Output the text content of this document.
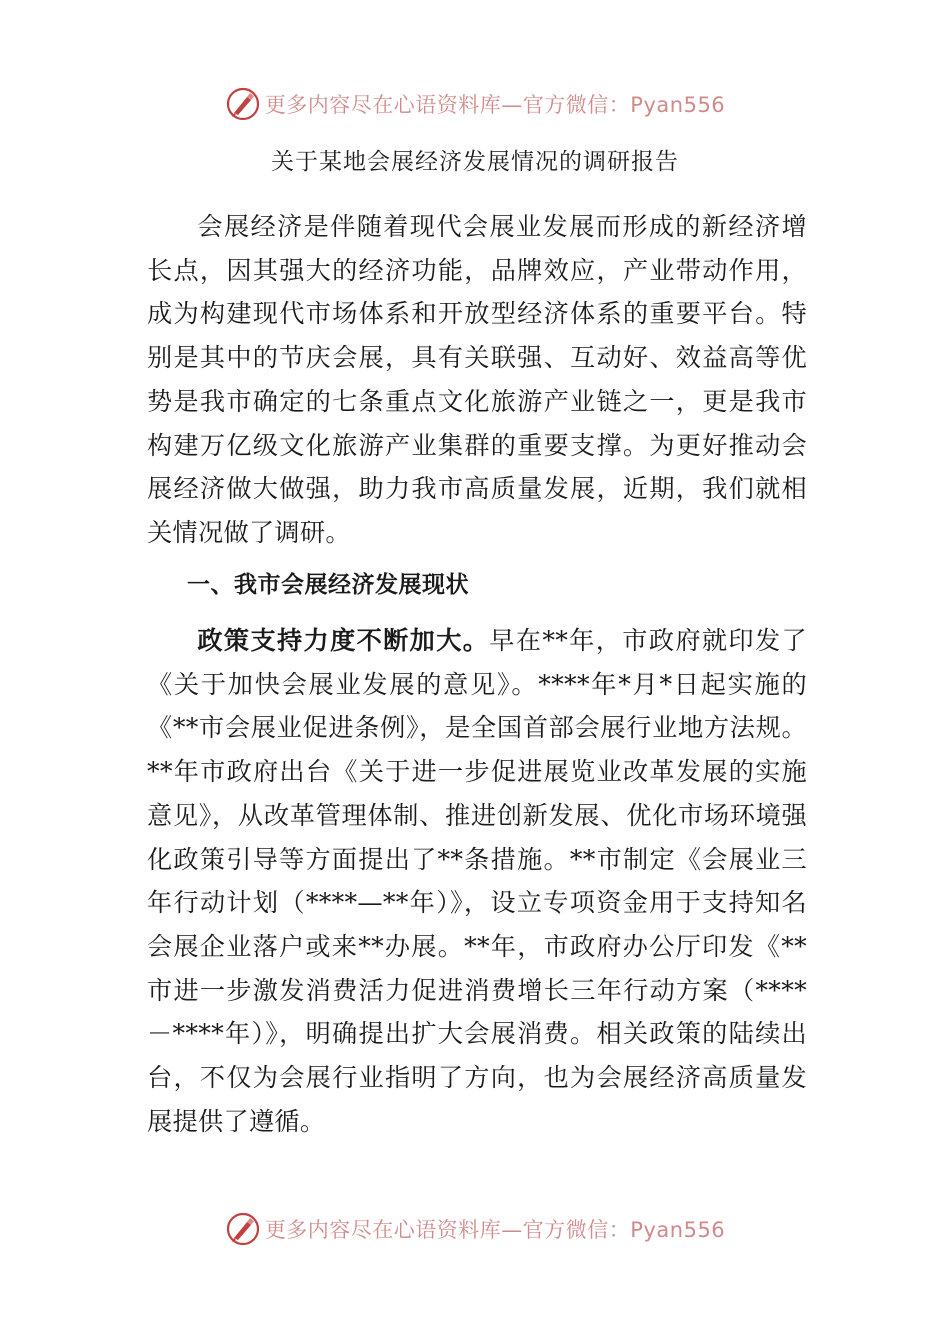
更多内容尽在心语资料库—官方微信：Pyan556
关于某地会展经济发展情况的调研报告
会展经济是伴随着现代会展业发展而形成的新经济增长点，因其强大的经济功能，品牌效应，产业带动作用，成为构建现代市场体系和开放型经济体系的重要平台。特别是其中的节庆会展，具有关联强、互动好、效益高等优势是我市确定的七条重点文化旅游产业链之一，更是我市构建万亿级文化旅游产业集群的重要支撑。为更好推动会展经济做大做强，助力我市高质量发展，近期，我们就相关情况做了调研。
一、我市会展经济发展现状
政策支持力度不断加大。早在**年，市政府就印发了《关于加快会展业发展的意见》。****年*月*日起实施的《**市会展业促进条例》，是全国首部会展行业地方法规。**年市政府出台《关于进一步促进展览业改革发展的实施意见》，从改革管理体制、推进创新发展、优化市场环境强化政策引导等方面提出了**条措施。**市制定《会展业三年行动计划（****—**年）》，设立专项资金用于支持知名会展企业落户或来**办展。**年，市政府办公厅印发《**市进一步激发消费活力促进消费增长三年行动方案（****－****年）》，明确提出扩大会展消费。相关政策的陆续出台，不仅为会展行业指明了方向，也为会展经济高质量发展提供了遵循。
更多内容尽在心语资料库—官方微信：Pyan556
